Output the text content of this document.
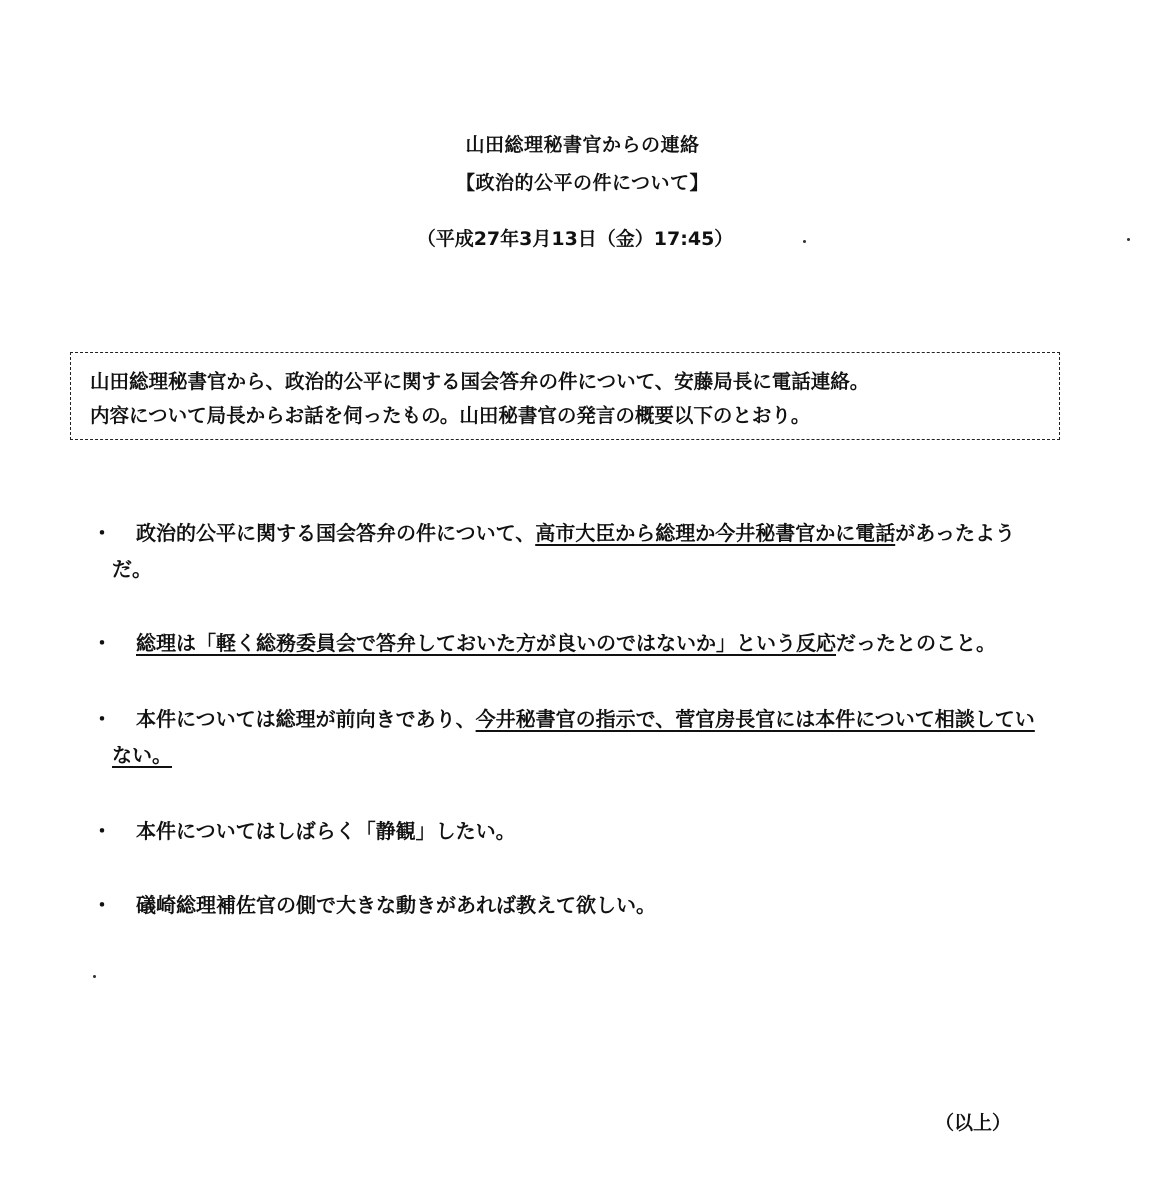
山田総理秘書官からの連絡
【政治的公平の件について】
（平成27年3月13日（金）17:45）
山田総理秘書官から、政治的公平に関する国会答弁の件について、安藤局長に電話連絡。
内容について局長からお話を伺ったもの。山田秘書官の発言の概要以下のとおり。
・	政治的公平に関する国会答弁の件について、高市大臣から総理か今井秘書官かに電話があったようだ。
・	総理は「軽く総務委員会で答弁しておいた方が良いのではないか」という反応だったとのこと。
・	本件については総理が前向きであり、今井秘書官の指示で、菅官房長官には本件について相談していない。
・	本件についてはしばらく「静観」したい。
・	礒崎総理補佐官の側で大きな動きがあれば教えて欲しい。
（以上）
